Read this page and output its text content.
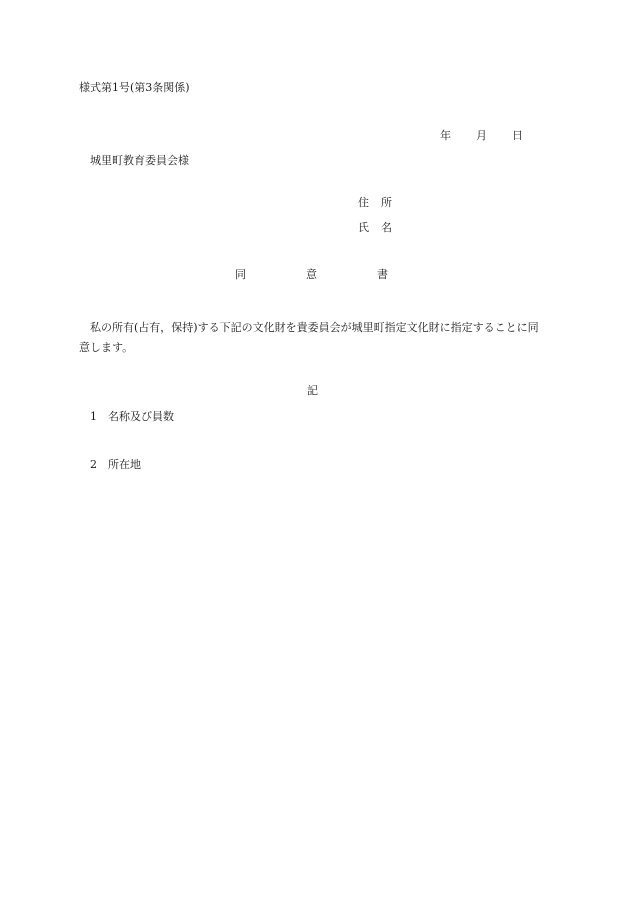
様式第1号(第3条関係)
年 月 日
城里町教育委員会様
住 所
氏 名
同	意	書
私の所有(占有，保持)する下記の文化財を貴委員会が城里町指定文化財に指定することに同意します。
記
1 名称及び員数
2 所在地
